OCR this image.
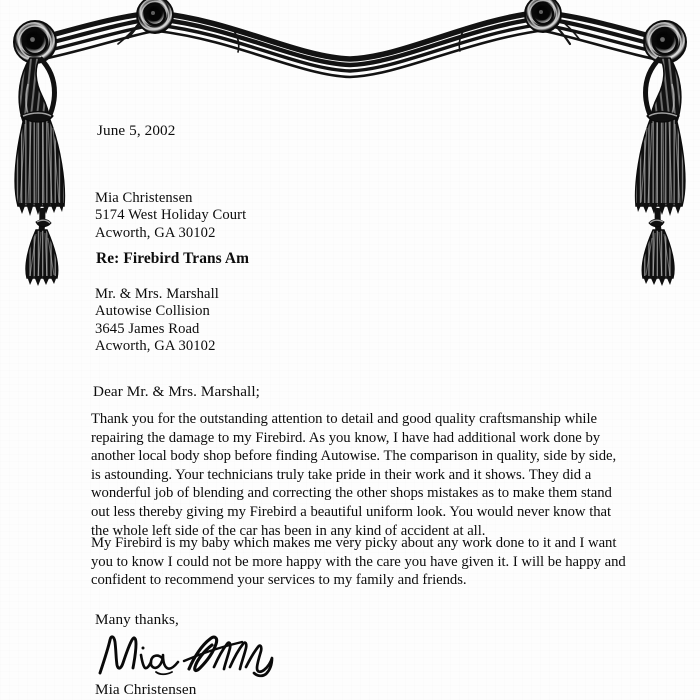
June 5, 2002
Mia Christensen
5174 West Holiday Court
Acworth, GA 30102
Re: Firebird Trans Am
Mr. & Mrs. Marshall
Autowise Collision
3645 James Road
Acworth, GA 30102
Dear Mr. & Mrs. Marshall;
Thank you for the outstanding attention to detail and good quality craftsmanship while repairing the damage to my Firebird. As you know, I have had additional work done by another local body shop before finding Autowise. The comparison in quality, side by side, is astounding. Your technicians truly take pride in their work and it shows. They did a wonderful job of blending and correcting the other shops mistakes as to make them stand out less thereby giving my Firebird a beautiful uniform look. You would never know that the whole left side of the car has been in any kind of accident at all.
My Firebird is my baby which makes me very picky about any work done to it and I want you to know I could not be more happy with the care you have given it. I will be happy and confident to recommend your services to my family and friends.
Many thanks,
Mia Christensen
